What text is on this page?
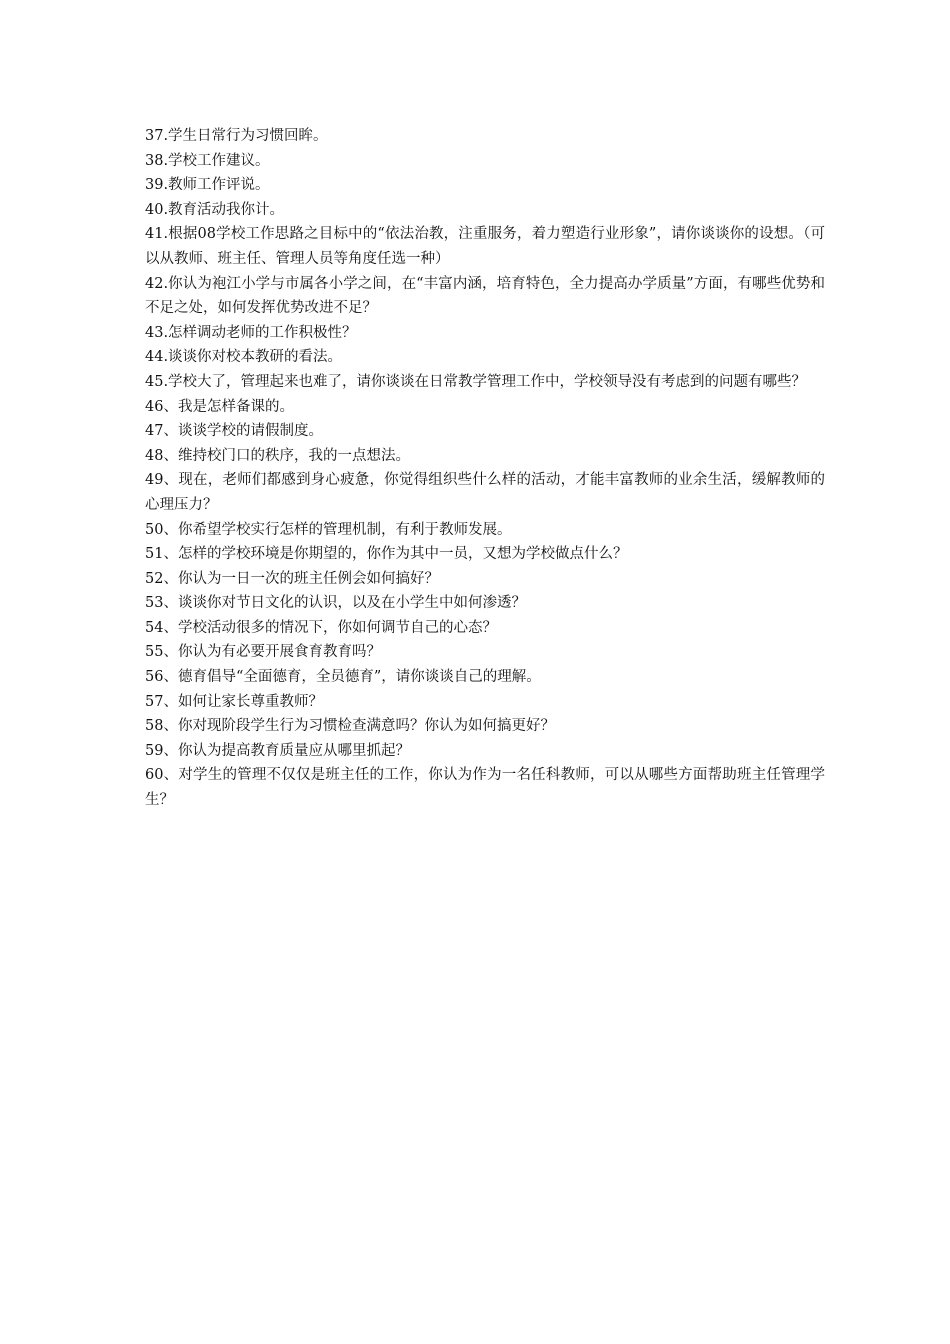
37.学生日常行为习惯回眸。

38.学校工作建议。

39.教师工作评说。

40.教育活动我你计。

41.根据08学校工作思路之目标中的“依法治教，注重服务，着力塑造行业形象”，请你谈谈你的设想。（可以从教师、班主任、管理人员等角度任选一种）

42.你认为袍江小学与市属各小学之间，在“丰富内涵，培育特色，全力提高办学质量”方面，有哪些优势和不足之处，如何发挥优势改进不足？

43.怎样调动老师的工作积极性？

44.谈谈你对校本教研的看法。

45.学校大了，管理起来也难了，请你谈谈在日常教学管理工作中，学校领导没有考虑到的问题有哪些？

46、我是怎样备课的。

47、谈谈学校的请假制度。

48、维持校门口的秩序，我的一点想法。

49、现在，老师们都感到身心疲惫，你觉得组织些什么样的活动，才能丰富教师的业余生活，缓解教师的心理压力？

50、你希望学校实行怎样的管理机制，有利于教师发展。

51、怎样的学校环境是你期望的，你作为其中一员，又想为学校做点什么？

52、你认为一日一次的班主任例会如何搞好？

53、谈谈你对节日文化的认识，以及在小学生中如何渗透？

54、学校活动很多的情况下，你如何调节自己的心态？

55、你认为有必要开展食育教育吗？

56、德育倡导“全面德育，全员德育”，请你谈谈自己的理解。

57、如何让家长尊重教师？

58、你对现阶段学生行为习惯检查满意吗？你认为如何搞更好？

59、你认为提高教育质量应从哪里抓起？

60、对学生的管理不仅仅是班主任的工作，你认为作为一名任科教师，可以从哪些方面帮助班主任管理学生？
